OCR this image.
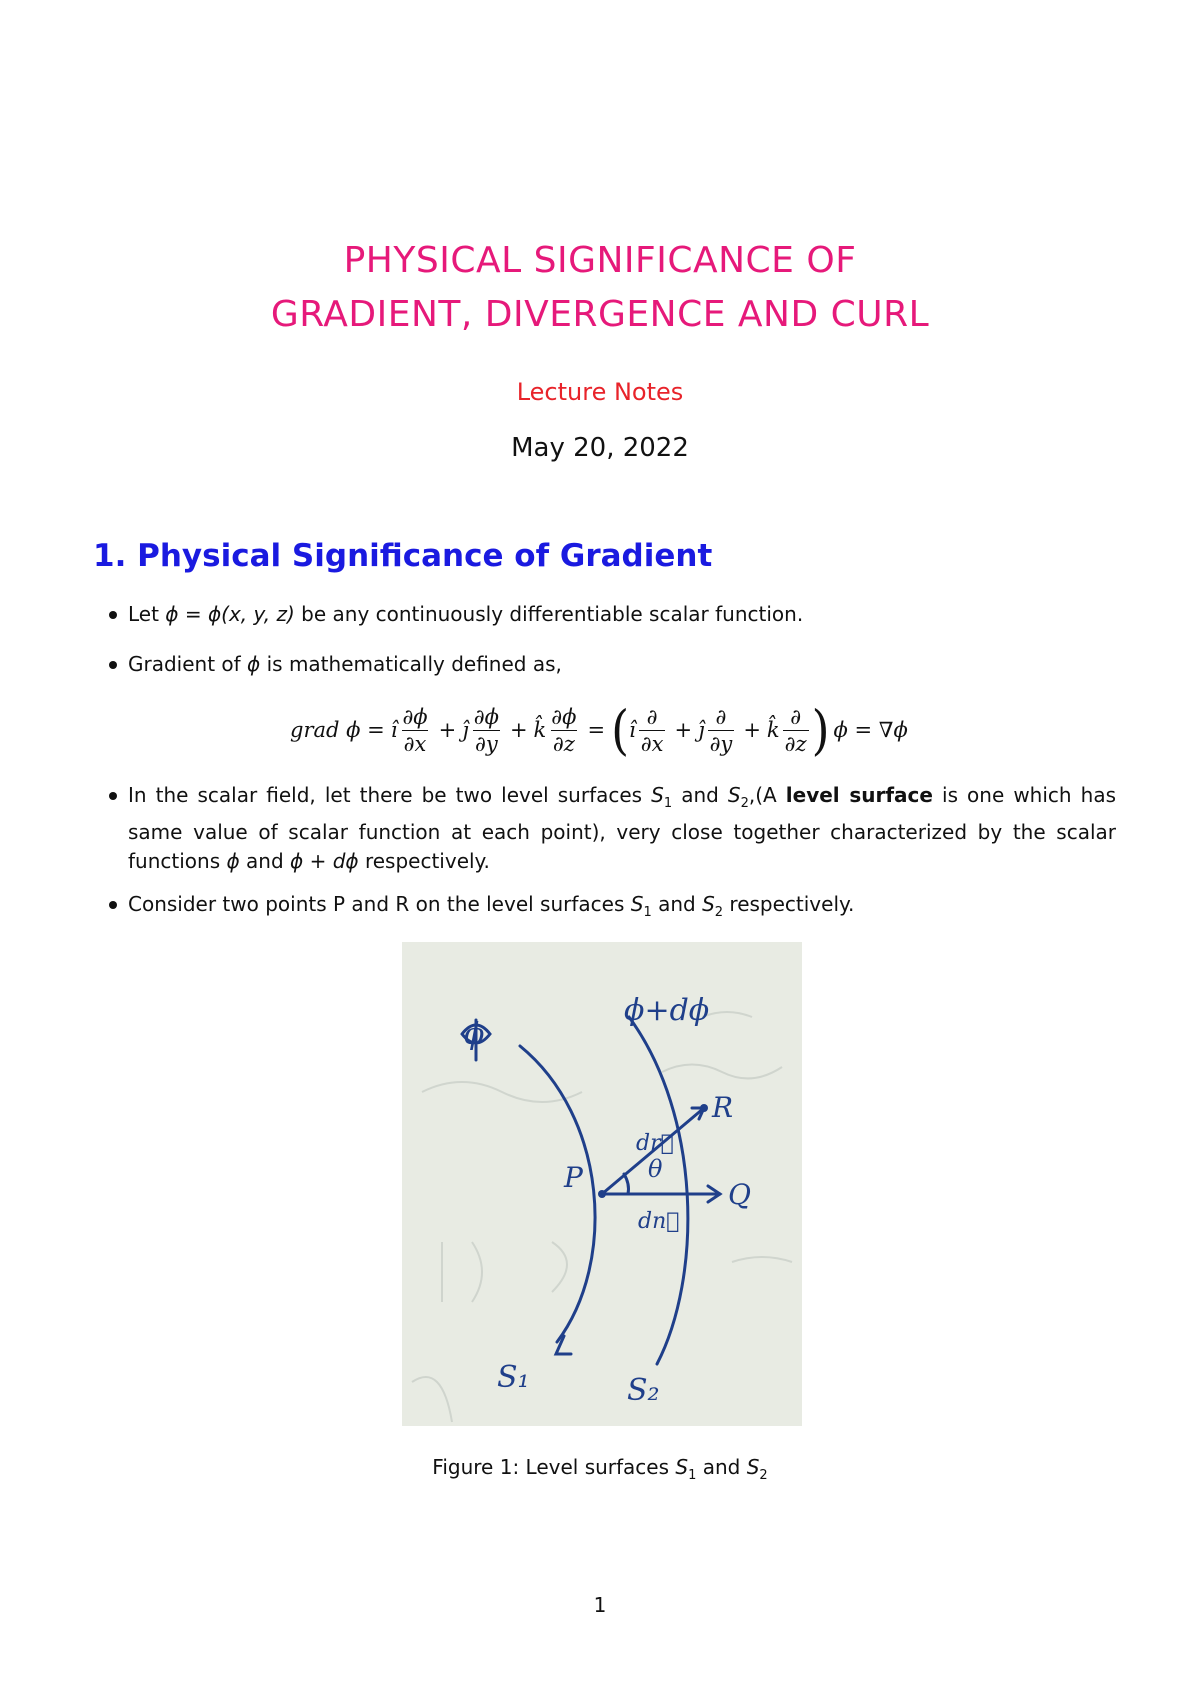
PHYSICAL SIGNIFICANCE OF
GRADIENT, DIVERGENCE AND CURL
Lecture Notes
May 20, 2022
1. Physical Significance of Gradient
Let ϕ = ϕ(x, y, z) be any continuously differentiable scalar function.
Gradient of ϕ is mathematically defined as,
grad ϕ = î $\frac{\partial\phi}{\partial x}$ + ĵ $\frac{\partial\phi}{\partial y}$ + k̂ $\frac{\partial\phi}{\partial z}$ = ( î $\frac{\partial}{\partial x}$ + ĵ $\frac{\partial}{\partial y}$ + k̂ $\frac{\partial}{\partial z}$ ) ϕ = ∇ϕ
In the scalar field, let there be two level surfaces $S_1$ and $S_2,(A$ level surface is one which has same value of scalar function at each point), very close together characterized by the scalar functions ϕ and ϕ + dϕ respectively.
Consider two points P and R on the level surfaces $S_1$ and $S_2$ respectively.
ϕ+dϕ
ϕ
R
P
Q
θ
dr⃗
dn⃗
S₁	S₂
Figure 1: Level surfaces $S_1$ and $S_2$
1
